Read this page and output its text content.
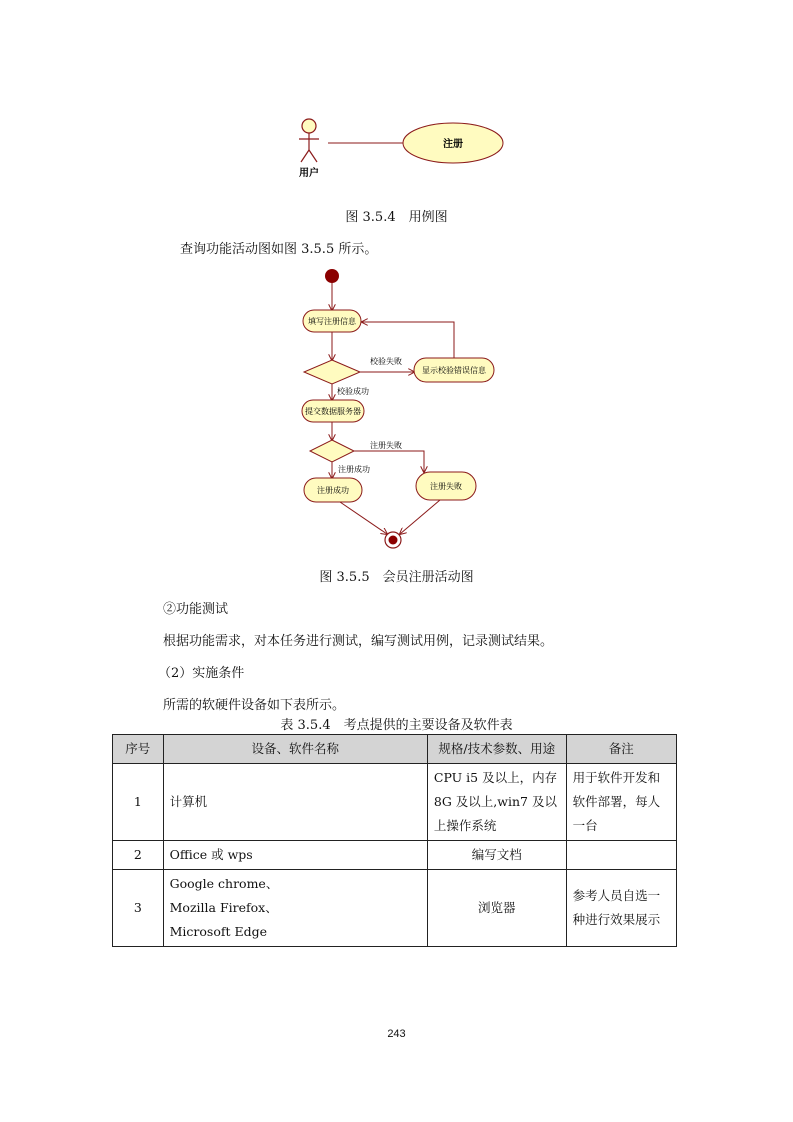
用户
注册
图 3.5.4　用例图
查询功能活动图如图 3.5.5 所示。
填写注册信息
校验失败
显示校验错误信息
校验成功
提交数据服务器
注册失败
注册成功
注册成功	注册失败
图 3.5.5　会员注册活动图
②功能测试
根据功能需求，对本任务进行测试，编写测试用例，记录测试结果。
（2）实施条件
所需的软硬件设备如下表所示。
表 3.5.4　考点提供的主要设备及软件表
序号	设备、软件名称	规格/技术参数、用途	备注
1	计算机	CPU i5 及以上，内存 8G 及以上,win7 及以上操作系统	用于软件开发和软件部署，每人一台
2	Office 或 wps	编写文档	
3	Google chrome、
Mozilla Firefox、
Microsoft Edge	浏览器	参考人员自选一种进行效果展示
243
